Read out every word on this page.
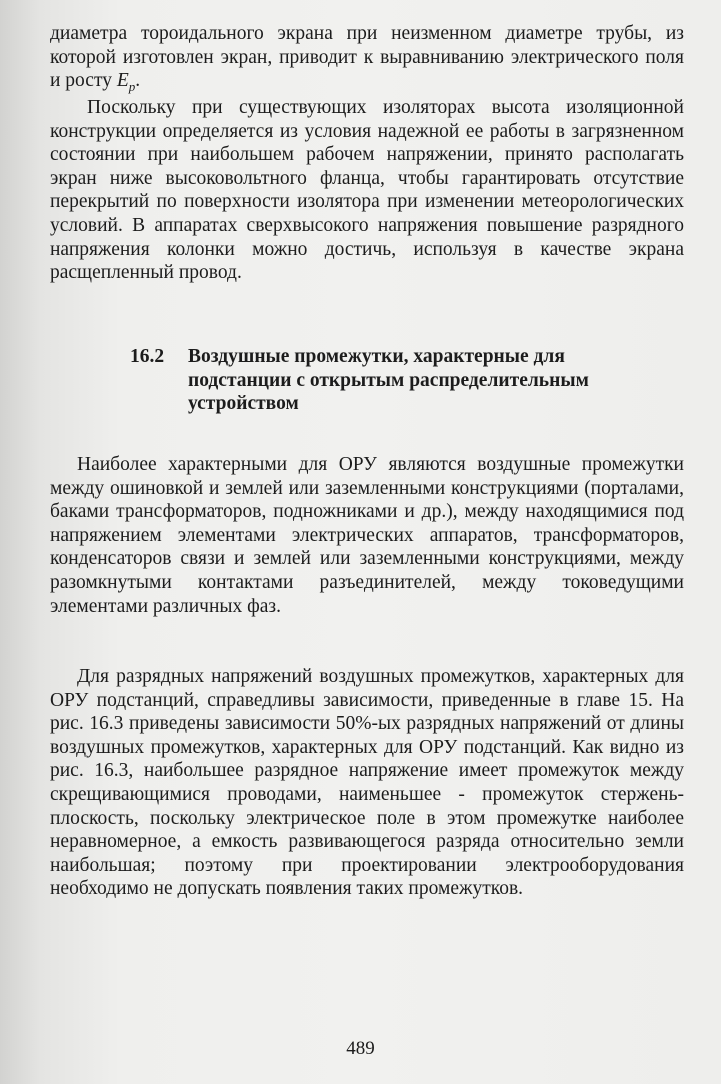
диаметра тороидального экрана при неизменном диаметре трубы, из которой изготовлен экран, приводит к выравниванию электрического поля и росту $E_p$.

Поскольку при существующих изоляторах высота изоляционной конструкции определяется из условия надежной ее работы в загрязненном состоянии при наибольшем рабочем напряжении, принято располагать экран ниже высоковольтного фланца, чтобы гарантировать отсутствие перекрытий по поверхности изолятора при изменении метеорологических условий. В аппаратах сверхвысокого напряжения повышение разрядного напряжения колонки можно достичь, используя в качестве экрана расщепленный провод.

16.2 Воздушные промежутки, характерные для подстанции с открытым распределительным устройством

Наиболее характерными для ОРУ являются воздушные промежутки между ошиновкой и землей или заземленными конструкциями (порталами, баками трансформаторов, подножниками и др.), между находящимися под напряжением элементами электрических аппаратов, трансформаторов, конденсаторов связи и землей или заземленными конструкциями, между разомкнутыми контактами разъединителей, между токоведущими элементами различных фаз.

Для разрядных напряжений воздушных промежутков, характерных для ОРУ подстанций, справедливы зависимости, приведенные в главе 15. На рис. 16.3 приведены зависимости 50%-ых разрядных напряжений от длины воздушных промежутков, характерных для ОРУ подстанций. Как видно из рис. 16.3, наибольшее разрядное напряжение имеет промежуток между скрещивающимися проводами, наименьшее - промежуток стержень-плоскость, поскольку электрическое поле в этом промежутке наиболее неравномерное, а емкость развивающегося разряда относительно земли наибольшая; поэтому при проектировании электрооборудования необходимо не допускать появления таких промежутков.

489
